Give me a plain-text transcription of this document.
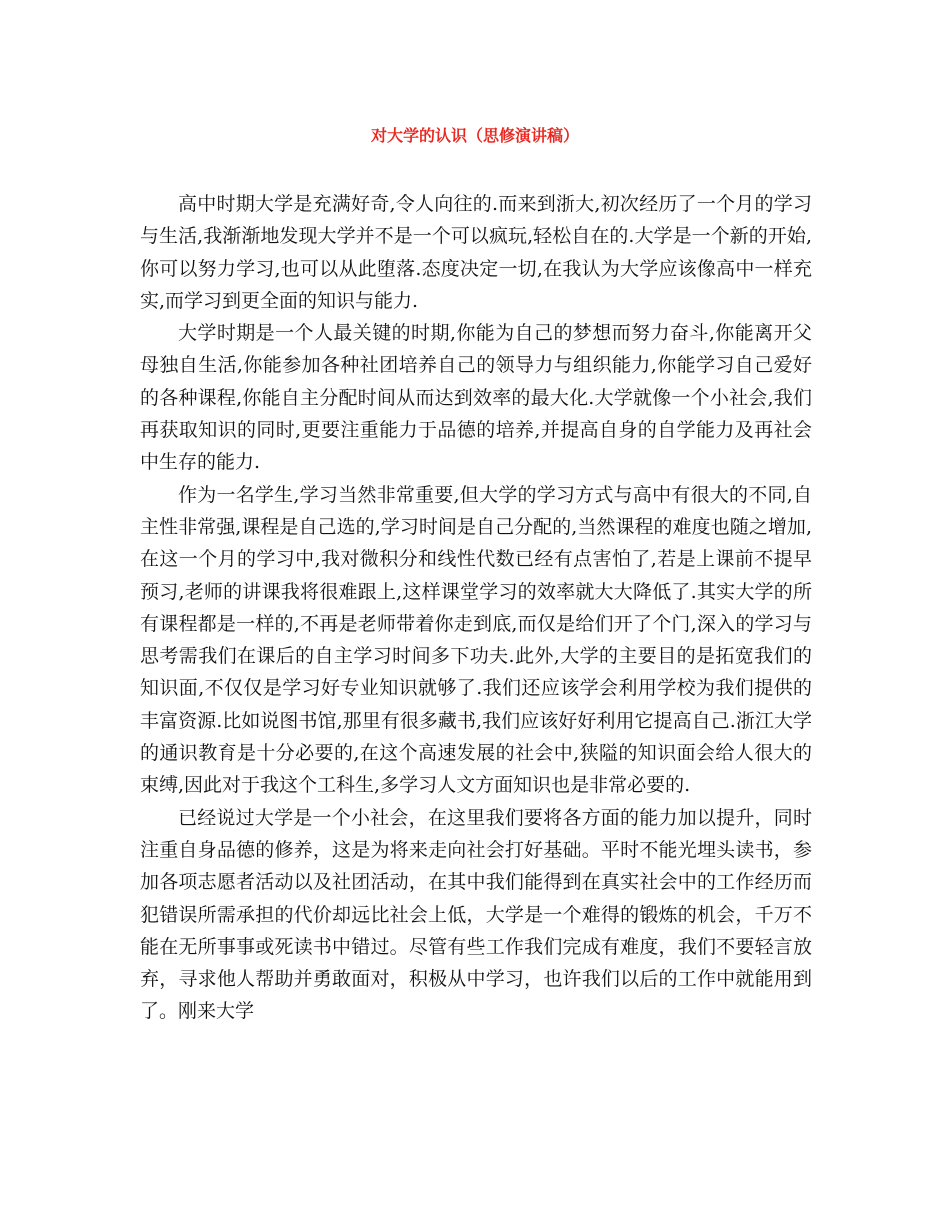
对大学的认识（思修演讲稿）

高中时期大学是充满好奇,令人向往的.而来到浙大,初次经历了一个月的学习与生活,我渐渐地发现大学并不是一个可以疯玩,轻松自在的.大学是一个新的开始,你可以努力学习,也可以从此堕落.态度决定一切,在我认为大学应该像高中一样充实,而学习到更全面的知识与能力.

大学时期是一个人最关键的时期,你能为自己的梦想而努力奋斗,你能离开父母独自生活,你能参加各种社团培养自己的领导力与组织能力,你能学习自己爱好的各种课程,你能自主分配时间从而达到效率的最大化.大学就像一个小社会,我们再获取知识的同时,更要注重能力于品德的培养,并提高自身的自学能力及再社会中生存的能力.

作为一名学生,学习当然非常重要,但大学的学习方式与高中有很大的不同,自主性非常强,课程是自己选的,学习时间是自己分配的,当然课程的难度也随之增加,在这一个月的学习中,我对微积分和线性代数已经有点害怕了,若是上课前不提早预习,老师的讲课我将很难跟上,这样课堂学习的效率就大大降低了.其实大学的所有课程都是一样的,不再是老师带着你走到底,而仅是给们开了个门,深入的学习与思考需我们在课后的自主学习时间多下功夫.此外,大学的主要目的是拓宽我们的知识面,不仅仅是学习好专业知识就够了.我们还应该学会利用学校为我们提供的丰富资源.比如说图书馆,那里有很多藏书,我们应该好好利用它提高自己.浙江大学的通识教育是十分必要的,在这个高速发展的社会中,狭隘的知识面会给人很大的束缚,因此对于我这个工科生,多学习人文方面知识也是非常必要的.

已经说过大学是一个小社会，在这里我们要将各方面的能力加以提升，同时注重自身品德的修养，这是为将来走向社会打好基础。平时不能光埋头读书，参加各项志愿者活动以及社团活动，在其中我们能得到在真实社会中的工作经历而犯错误所需承担的代价却远比社会上低，大学是一个难得的锻炼的机会，千万不能在无所事事或死读书中错过。尽管有些工作我们完成有难度，我们不要轻言放弃，寻求他人帮助并勇敢面对，积极从中学习，也许我们以后的工作中就能用到了。刚来大学
